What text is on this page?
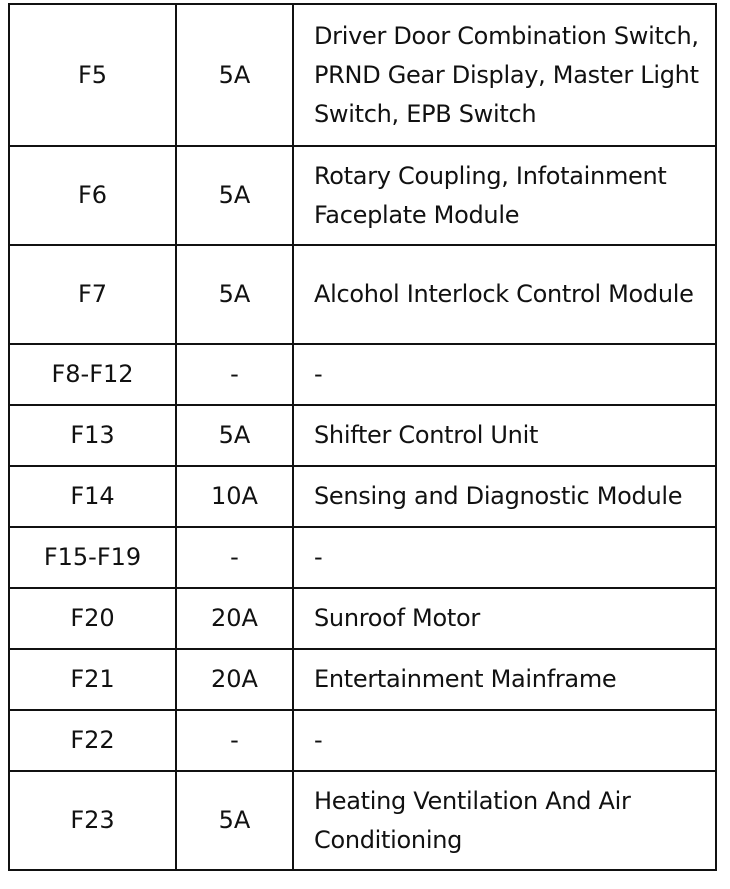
F5	5A	Driver Door Combination Switch, PRND Gear Display, Master Light Switch, EPB Switch
F6	5A	Rotary Coupling, Infotainment Faceplate Module
F7	5A	Alcohol Interlock Control Module
F8-F12	-	-
F13	5A	Shifter Control Unit
F14	10A	Sensing and Diagnostic Module
F15-F19	-	-
F20	20A	Sunroof Motor
F21	20A	Entertainment Mainframe
F22	-	-
F23	5A	Heating Ventilation And Air Conditioning
